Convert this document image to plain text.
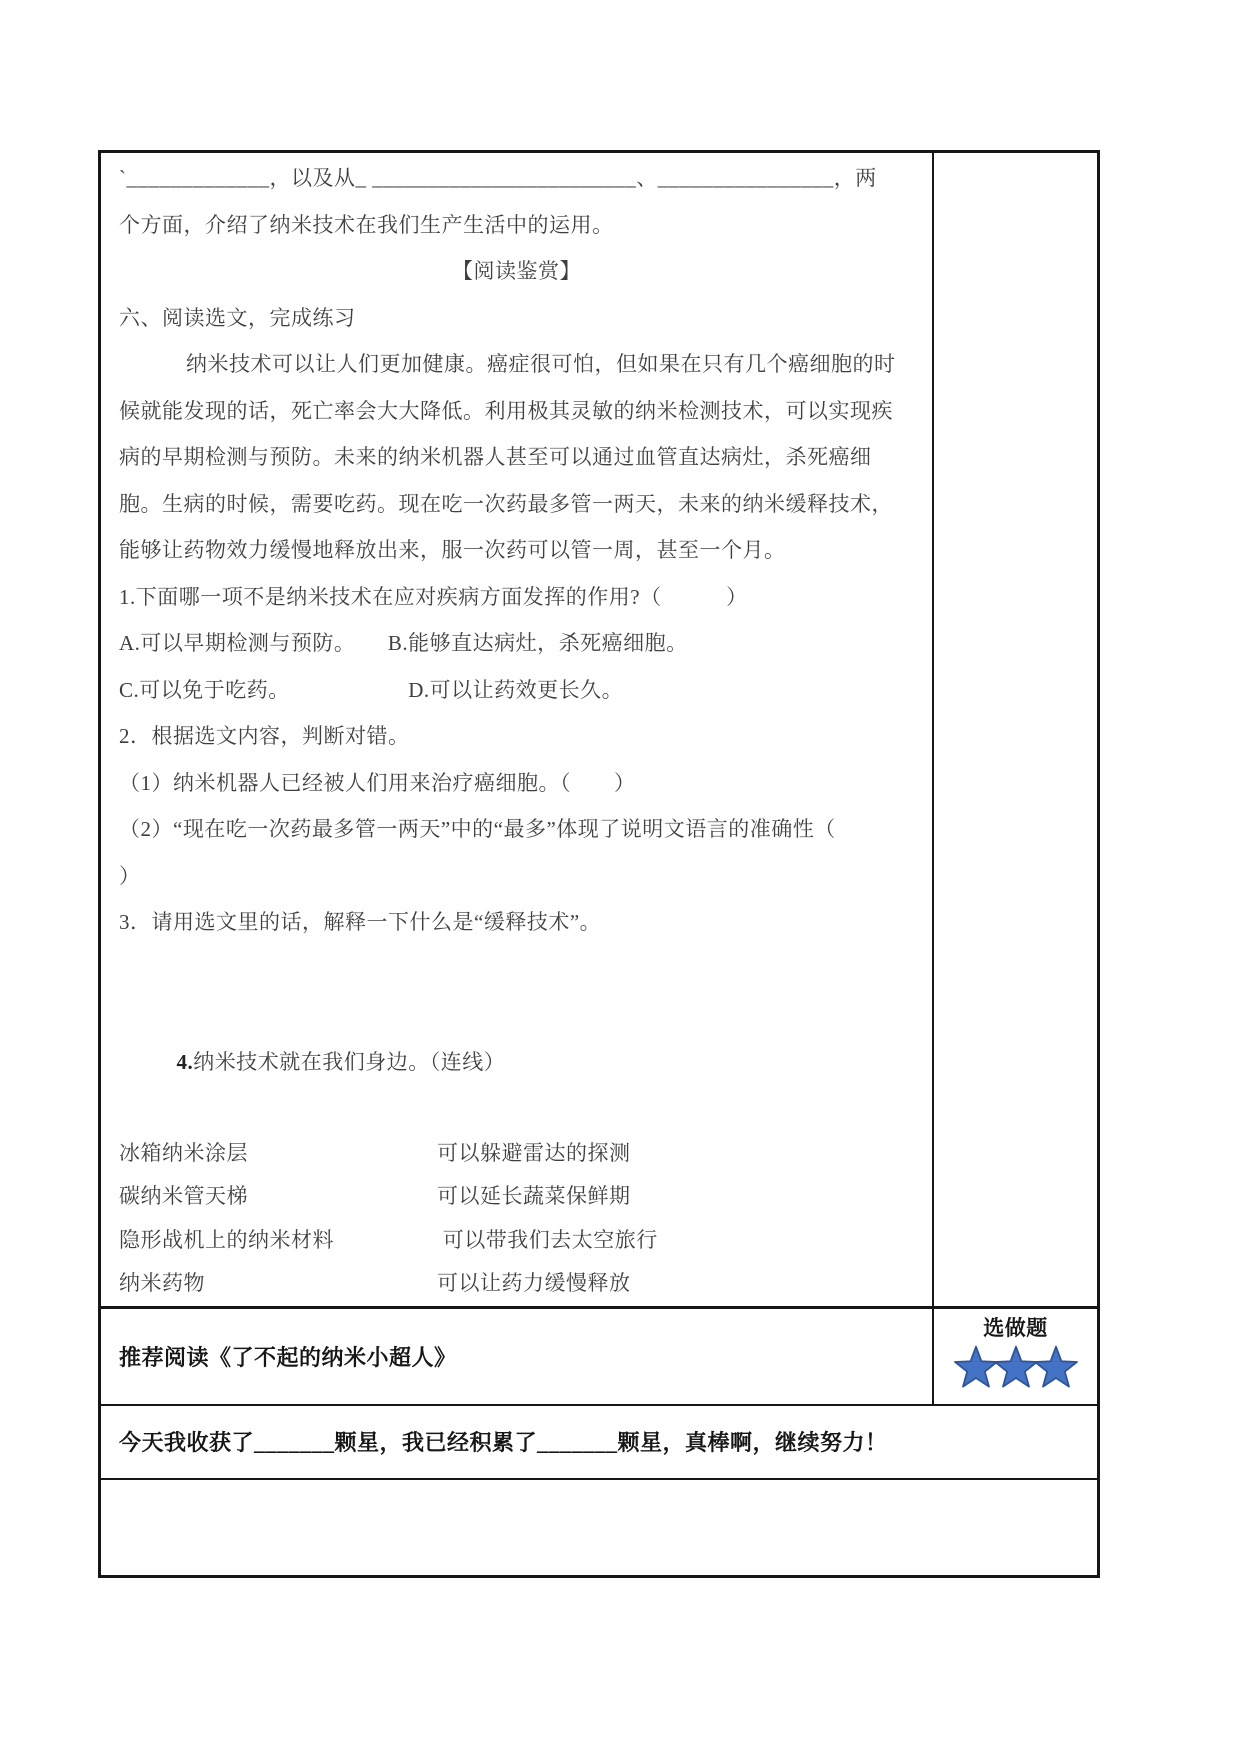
`_____________，以及从_ ________________________、________________，两
个方面，介绍了纳米技术在我们生产生活中的运用。
【阅读鉴赏】
六、阅读选文，完成练习
纳米技术可以让人们更加健康。癌症很可怕，但如果在只有几个癌细胞的时
候就能发现的话，死亡率会大大降低。利用极其灵敏的纳米检测技术，可以实现疾
病的早期检测与预防。未来的纳米机器人甚至可以通过血管直达病灶，杀死癌细
胞。生病的时候，需要吃药。现在吃一次药最多管一两天，未来的纳米缓释技术，
能够让药物效力缓慢地释放出来，服一次药可以管一周，甚至一个月。
1.下面哪一项不是纳米技术在应对疾病方面发挥的作用?（　　　）
A.可以早期检测与预防。　　B.能够直达病灶，杀死癌细胞。
C.可以免于吃药。　　　　　　D.可以让药效更长久。
2．根据选文内容，判断对错。
（1）纳米机器人已经被人们用来治疗癌细胞。（　　）
（2）“现在吃一次药最多管一两天”中的“最多”体现了说明文语言的准确性（
）
3．请用选文里的话，解释一下什么是“缓释技术”。

4.纳米技术就在我们身边。（连线）

冰箱纳米涂层	可以躲避雷达的探测
碳纳米管天梯	可以延长蔬菜保鲜期
隐形战机上的纳米材料	可以带我们去太空旅行
纳米药物	可以让药力缓慢释放
推荐阅读《了不起的纳米小超人》
选做题
今天我收获了_______颗星，我已经积累了_______颗星，真棒啊，继续努力！
